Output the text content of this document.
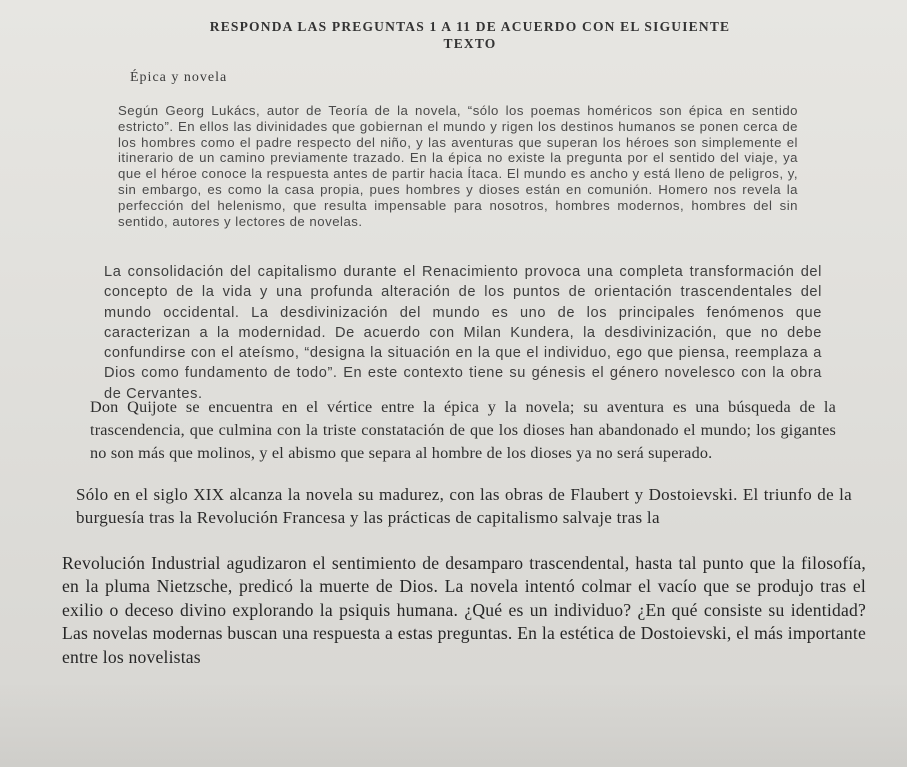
RESPONDA LAS PREGUNTAS 1 A 11 DE ACUERDO CON EL SIGUIENTE
TEXTO
Épica y novela
Según Georg Lukács, autor de Teoría de la novela, “sólo los poemas homéricos son épica en sentido estricto”. En ellos las divinidades que gobiernan el mundo y rigen los destinos humanos se ponen cerca de los hombres como el padre respecto del niño, y las aventuras que superan los héroes son simplemente el itinerario de un camino previamente trazado. En la épica no existe la pregunta por el sentido del viaje, ya que el héroe conoce la respuesta antes de partir hacia Ítaca. El mundo es ancho y está lleno de peligros, y, sin embargo, es como la casa propia, pues hombres y dioses están en comunión. Homero nos revela la perfección del helenismo, que resulta impensable para nosotros, hombres modernos, hombres del sin sentido, autores y lectores de novelas.
La consolidación del capitalismo durante el Renacimiento provoca una completa transformación del concepto de la vida y una profunda alteración de los puntos de orientación trascendentales del mundo occidental. La desdivinización del mundo es uno de los principales fenómenos que caracterizan a la modernidad. De acuerdo con Milan Kundera, la desdivinización, que no debe confundirse con el ateísmo, “designa la situación en la que el individuo, ego que piensa, reemplaza a Dios como fundamento de todo”. En este contexto tiene su génesis el género novelesco con la obra de Cervantes.
Don Quijote se encuentra en el vértice entre la épica y la novela; su aventura es una búsqueda de la trascendencia, que culmina con la triste constatación de que los dioses han abandonado el mundo; los gigantes no son más que molinos, y el abismo que separa al hombre de los dioses ya no será superado.
Sólo en el siglo XIX alcanza la novela su madurez, con las obras de Flaubert y Dostoievski. El triunfo de la burguesía tras la Revolución Francesa y las prácticas de capitalismo salvaje tras la
Revolución Industrial agudizaron el sentimiento de desamparo trascendental, hasta tal punto que la filosofía, en la pluma Nietzsche, predicó la muerte de Dios. La novela intentó colmar el vacío que se produjo tras el exilio o deceso divino explorando la psiquis humana. ¿Qué es un individuo? ¿En qué consiste su identidad? Las novelas modernas buscan una respuesta a estas preguntas. En la estética de Dostoievski, el más importante entre los novelistas
